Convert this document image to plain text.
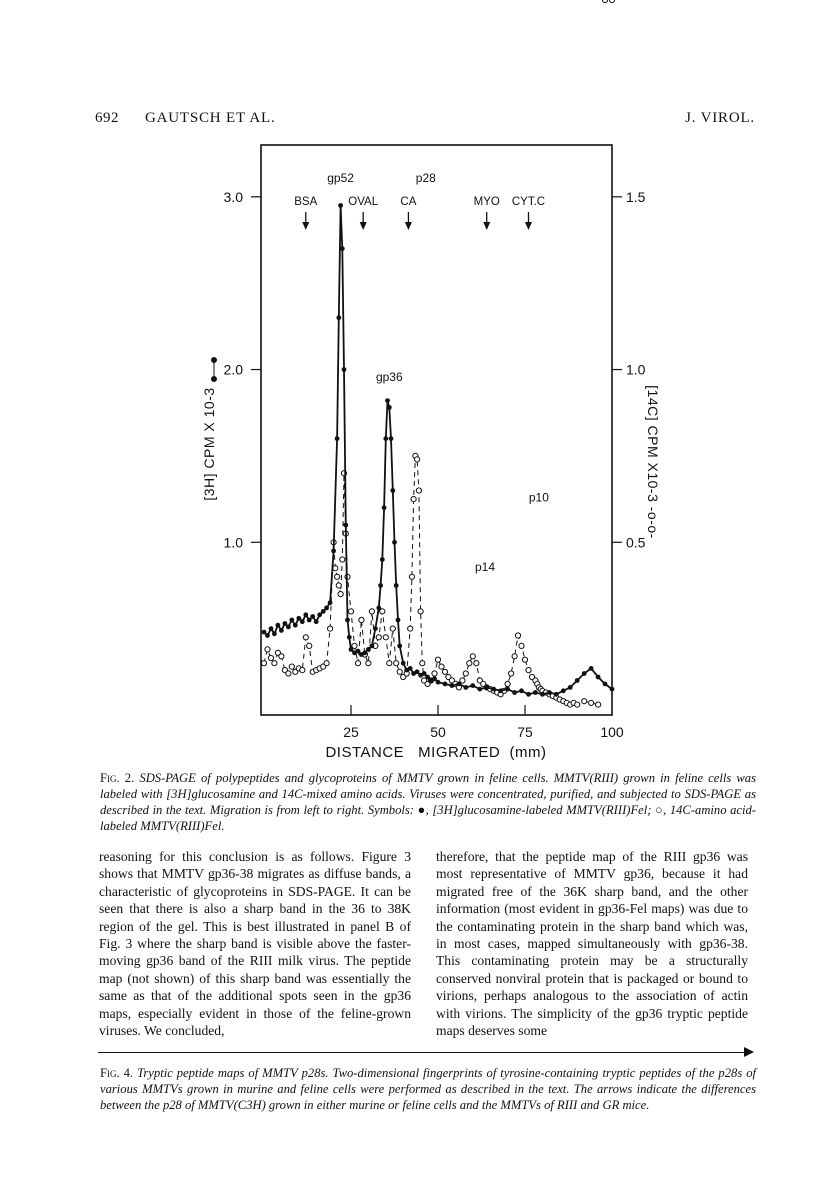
692 GAUTSCH ET AL.	J. VIROL.
25	50	75	100
1.0
2.0
3.0
0.5
1.0
1.5
BSA	OVAL CA	MYO CYT.C
gp52	p28
gp36
p14
p10
DISTANCE   MIGRATED  (mm)
[3H] CPM X 10-3	[14C] CPM X10-3 -o-o-
Fig. 2. SDS-PAGE of polypeptides and glycoproteins of MMTV grown in feline cells. MMTV(RIII) grown in feline cells was labeled with [3H]glucosamine and 14C-mixed amino acids. Viruses were concentrated, purified, and subjected to SDS-PAGE as described in the text. Migration is from left to right. Symbols: ●, [3H]glucosamine-labeled MMTV(RIII)Fel; ○, 14C-amino acid-labeled MMTV(RIII)Fel.
reasoning for this conclusion is as follows. Figure 3 shows that MMTV gp36-38 migrates as diffuse bands, a characteristic of glycoproteins in SDS-PAGE. It can be seen that there is also a sharp band in the 36 to 38K region of the gel. This is best illustrated in panel B of Fig. 3 where the sharp band is visible above the faster-moving gp36 band of the RIII milk virus. The peptide map (not shown) of this sharp band was essentially the same as that of the additional spots seen in the gp36 maps, especially evident in those of the feline-grown viruses. We concluded,
therefore, that the peptide map of the RIII gp36 was most representative of MMTV gp36, because it had migrated free of the 36K sharp band, and the other information (most evident in gp36-Fel maps) was due to the contaminating protein in the sharp band which was, in most cases, mapped simultaneously with gp36-38. This contaminating protein may be a structurally conserved nonviral protein that is packaged or bound to virions, perhaps analogous to the association of actin with virions. The simplicity of the gp36 tryptic peptide maps deserves some
Fig. 4. Tryptic peptide maps of MMTV p28s. Two-dimensional fingerprints of tyrosine-containing tryptic peptides of the p28s of various MMTVs grown in murine and feline cells were performed as described in the text. The arrows indicate the differences between the p28 of MMTV(C3H) grown in either murine or feline cells and the MMTVs of RIII and GR mice.
